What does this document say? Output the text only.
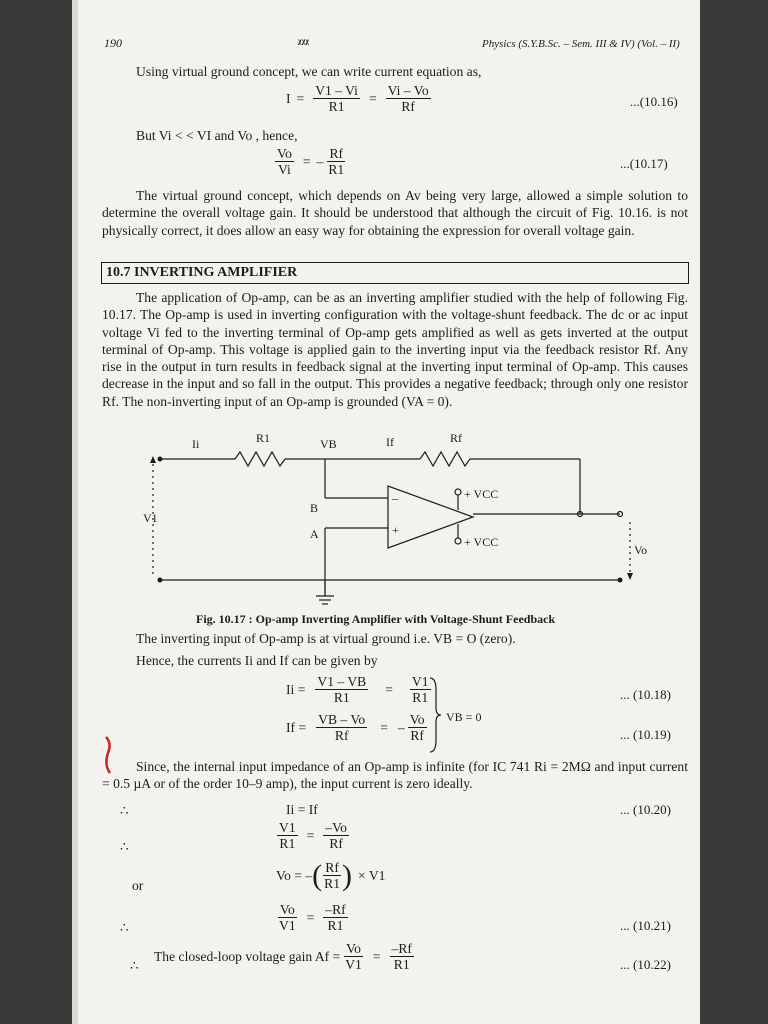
190	ᵡᵡᵡ	Physics (S.Y.B.Sc. – Sem. III & IV) (Vol. – II)
Using virtual ground concept, we can write current equation as,
$I = \frac{V1 - Vi}{R1} = \frac{Vi - Vo}{Rf}$	...(10.16)
But Vi < < VI and Vo , hence,
$\frac{Vo}{Vi}$ = – $\frac{Rf}{R1}$	...(10.17)
The virtual ground concept, which depends on Av being very large, allowed a simple solution to determine the overall voltage gain. It should be understood that although the circuit of Fig. 10.16. is not physically correct, it does allow an easy way for obtaining the expression for overall voltage gain.
10.7 INVERTING AMPLIFIER
The application of Op-amp, can be as an inverting amplifier studied with the help of following Fig. 10.17. The Op-amp is used in inverting configuration with the voltage-shunt feedback. The dc or ac input voltage Vi fed to the inverting terminal of Op-amp gets amplified as well as gets inverted at the output terminal of Op-amp. This voltage is applied gain to the inverting input via the feedback resistor Rf. Any rise in the output in turn results in feedback signal at the inverting input terminal of Op-amp. This causes decrease in the input and so fall in the output. This provides a negative feedback; through only one resistor Rf. The non-inverting input of an Op-amp is grounded (VA = 0).
Ii	R1	VB	If	Rf
V1
B
A
+ VCC
+ VCC
–
+
Vo
Fig. 10.17 : Op-amp Inverting Amplifier with Voltage-Shunt Feedback
The inverting input of Op-amp is at virtual ground i.e. VB = O (zero).
Hence, the currents Ii and If can be given by
$Ii = \frac{V1 - VB}{R1} = \frac{V1}{R1}$	... (10.18)
$If = \frac{VB - Vo}{Rf}$ = – $\frac{Vo}{Rf}$	... (10.19)
VB = 0
Since, the internal input impedance of an Op-amp is infinite (for IC 741 Ri = 2MΩ and input current = 0.5 µA or of the order 10–9 amp), the input current is zero ideally.
∴	Ii = If	... (10.20)
∴	$\frac{V1}{R1} = \frac{-Vo}{Rf}$
or
Vo = – ( $\frac{Rf}{R1}$ ) × V1
∴	$\frac{Vo}{V1} = \frac{-Rf}{R1}$	... (10.21)
∴
The closed-loop voltage gain $Af = \frac{Vo}{V1} = \frac{-Rf}{R1}$	... (10.22)
